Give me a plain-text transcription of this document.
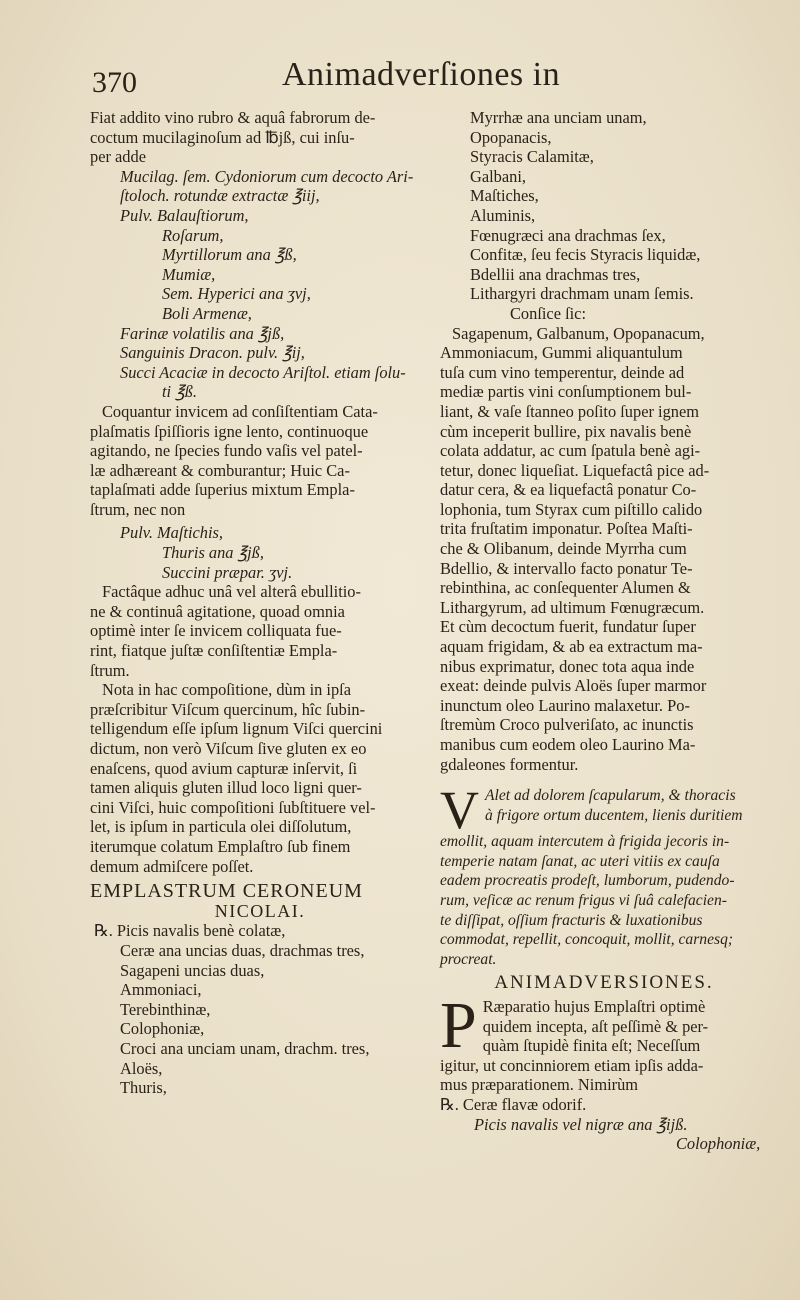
370	Animadverſiones in
Fiat addito vino rubro & aquâ fabrorum de-
coctum mucilaginoſum ad ℔jß, cui inſu-
per adde
Mucilag. ſem. Cydoniorum cum decocto Ari-
ſtoloch. rotundæ extractæ ℥iij,
Pulv. Balauſtiorum,
Roſarum,
Myrtillorum ana ℥ß,
Mumiæ,
Sem. Hyperici ana ʒvj,
Boli Armenæ,
Farinæ volatilis ana ℥jß,
Sanguinis Dracon. pulv. ℥ij,
Succi Acaciæ in decocto Ariſtol. etiam ſolu-
ti ℥ß.
Coquantur invicem ad conſiſtentiam Cata-
plaſmatis ſpiſſioris igne lento, continuoque
agitando, ne ſpecies fundo vaſis vel patel-
læ adhæreant & comburantur; Huic Ca-
taplaſmati adde ſuperius mixtum Empla-
ſtrum, nec non
Pulv. Maſtichis,
Thuris ana ℥jß,
Succini præpar. ʒvj.
Factâque adhuc unâ vel alterâ ebullitio-
ne & continuâ agitatione, quoad omnia
optimè inter ſe invicem colliquata fue-
rint, fiatque juſtæ conſiſtentiæ Empla-
ſtrum.
Nota in hac compoſitione, dùm in ipſa
præſcribitur Viſcum quercinum, hîc ſubin-
telligendum eſſe ipſum lignum Viſci quercini
dictum, non verò Viſcum ſive gluten ex eo
enaſcens, quod avium capturæ inſervit, ſi
tamen aliquis gluten illud loco ligni quer-
cini Viſci, huic compoſitioni ſubſtituere vel-
let, is ipſum in particula olei diſſolutum,
iterumque colatum Emplaſtro ſub finem
demum admiſcere poſſet.
EMPLASTRUM CERONEUM
NICOLAI.
℞. Picis navalis benè colatæ,
Ceræ ana uncias duas, drachmas tres,
Sagapeni uncias duas,
Ammoniaci,
Terebinthinæ,
Colophoniæ,
Croci ana unciam unam, drachm. tres,
Aloës,
Thuris,
Myrrhæ ana unciam unam,
Opopanacis,
Styracis Calamitæ,
Galbani,
Maſtiches,
Aluminis,
Fœnugræci ana drachmas ſex,
Confitæ, ſeu fecis Styracis liquidæ,
Bdellii ana drachmas tres,
Lithargyri drachmam unam ſemis.
Conſice ſic:
Sagapenum, Galbanum, Opopanacum,
Ammoniacum, Gummi aliquantulum
tuſa cum vino temperentur, deinde ad
mediæ partis vini conſumptionem bul-
liant, & vaſe ſtanneo poſito ſuper ignem
cùm inceperit bullire, pix navalis benè
colata addatur, ac cum ſpatula benè agi-
tetur, donec liqueſiat. Liquefactâ pice ad-
datur cera, & ea liquefactâ ponatur Co-
lophonia, tum Styrax cum piſtillo calido
trita fruſtatim imponatur. Poſtea Maſti-
che & Olibanum, deinde Myrrha cum
Bdellio, & intervallo facto ponatur Te-
rebinthina, ac conſequenter Alumen &
Lithargyrum, ad ultimum Fœnugræcum.
Et cùm decoctum fuerit, fundatur ſuper
aquam frigidam, & ab ea extractum ma-
nibus exprimatur, donec tota aqua inde
exeat: deinde pulvis Aloës ſuper marmor
inunctum oleo Laurino malaxetur. Po-
ſtremùm Croco pulveriſato, ac inunctis
manibus cum eodem oleo Laurino Ma-
gdaleones formentur.
V Alet ad dolorem ſcapularum, & thoracis
à frigore ortum ducentem, lienis duritiem
emollit, aquam intercutem à frigida jecoris in-
temperie natam ſanat, ac uteri vitiis ex cauſa
eadem procreatis prodeſt, lumborum, pudendo-
rum, veſicæ ac renum frigus vi ſuâ calefacien-
te diſſipat, oſſium fracturis & luxationibus
commodat, repellit, concoquit, mollit, carnesq;
procreat.
ANIMADVERSIONES.
P Ræparatio hujus Emplaſtri optimè
quidem incepta, aſt peſſimè & per-
quàm ſtupidè finita eſt; Neceſſum
igitur, ut concinniorem etiam ipſis adda-
mus præparationem. Nimirùm
℞. Ceræ flavæ odorif.
Picis navalis vel nigræ ana ℥ijß.
Colophoniæ,
